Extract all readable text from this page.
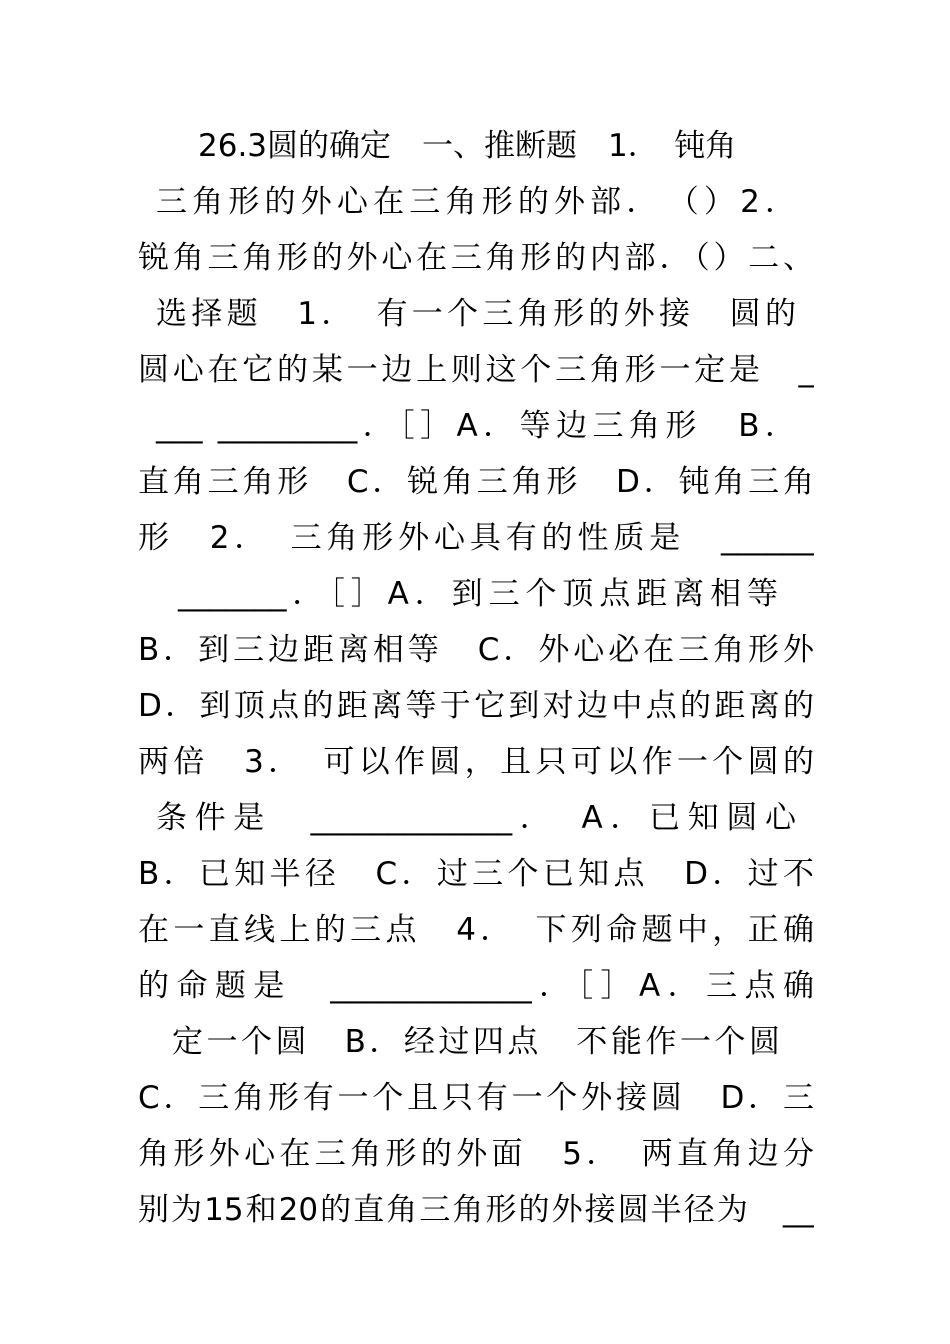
26.3圆的确定　一、推断题　1．　钝角
三角形的外心在三角形的外部．　（）2．
锐角三角形的外心在三角形的内部．（）二、
选择题　1．　有一个三角形的外接　圆的
圆心在它的某一边上则这个三角形一定是　_
___ _________．［］A．等边三角形　B．
直角三角形　C．锐角三角形　D．钝角三角
形　2．　三角形外心具有的性质是　______
_______．［］A．到三个顶点距离相等
B．到三边距离相等　C．外心必在三角形外
D．到顶点的距离等于它到对边中点的距离的
两倍　3．　可以作圆，且只可以作一个圆的
条件是　_____________．　A．已知圆心
B．已知半径　C．过三个已知点　D．过不
在一直线上的三点　4．　下列命题中，正确
的命题是　_____________．［］A．三点确
定一个圆　B．经过四点　不能作一个圆
C．三角形有一个且只有一个外接圆　D．三
角形外心在三角形的外面　5．　两直角边分
别为15和20的直角三角形的外接圆半径为　__
